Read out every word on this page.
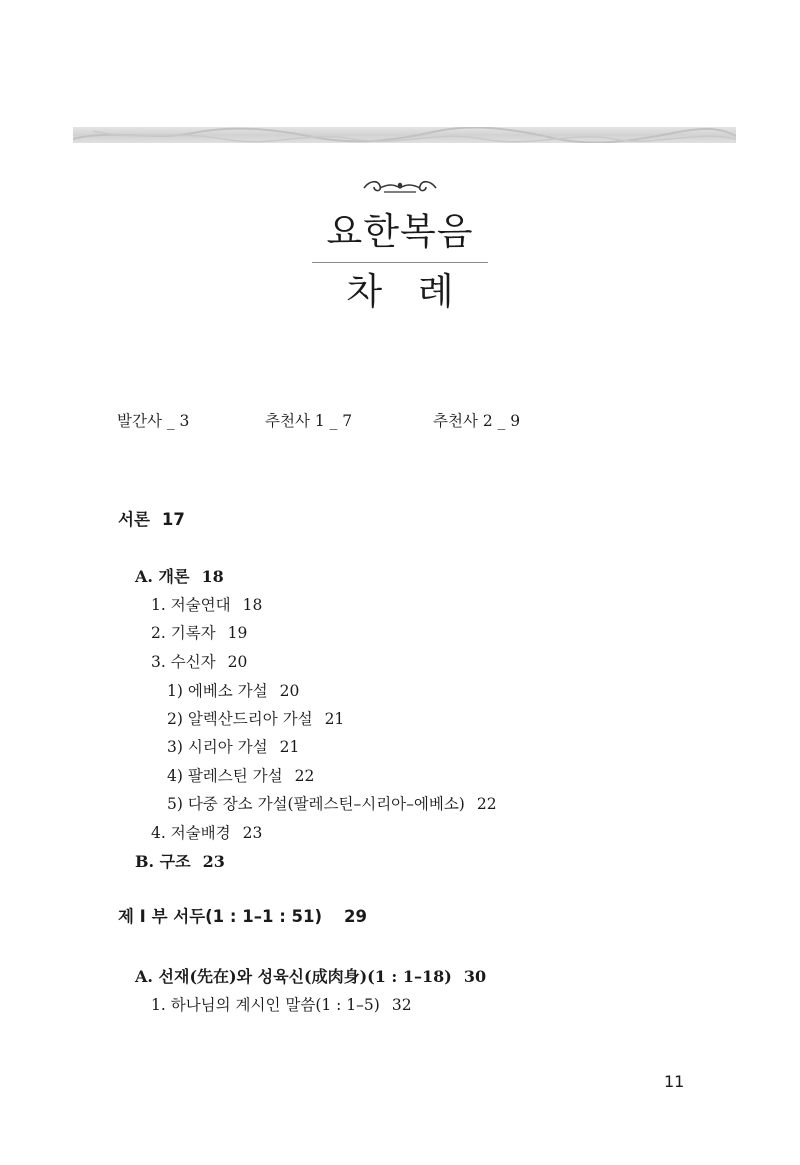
요한복음
차 례
발간사 _ 3	추천사 1 _ 7	추천사 2 _ 9
서론 17
A. 개론 18
1. 저술연대 18
2. 기록자 19
3. 수신자 20
1) 에베소 가설 20
2) 알렉산드리아 가설 21
3) 시리아 가설 21
4) 팔레스틴 가설 22
5) 다중 장소 가설(팔레스틴–시리아–에베소) 22
4. 저술배경 23
B. 구조 23
제 I 부 서두(1 : 1–1 : 51) 29
A. 선재(先在)와 성육신(成肉身)(1 : 1–18) 30
1. 하나님의 계시인 말씀(1 : 1–5) 32
11
